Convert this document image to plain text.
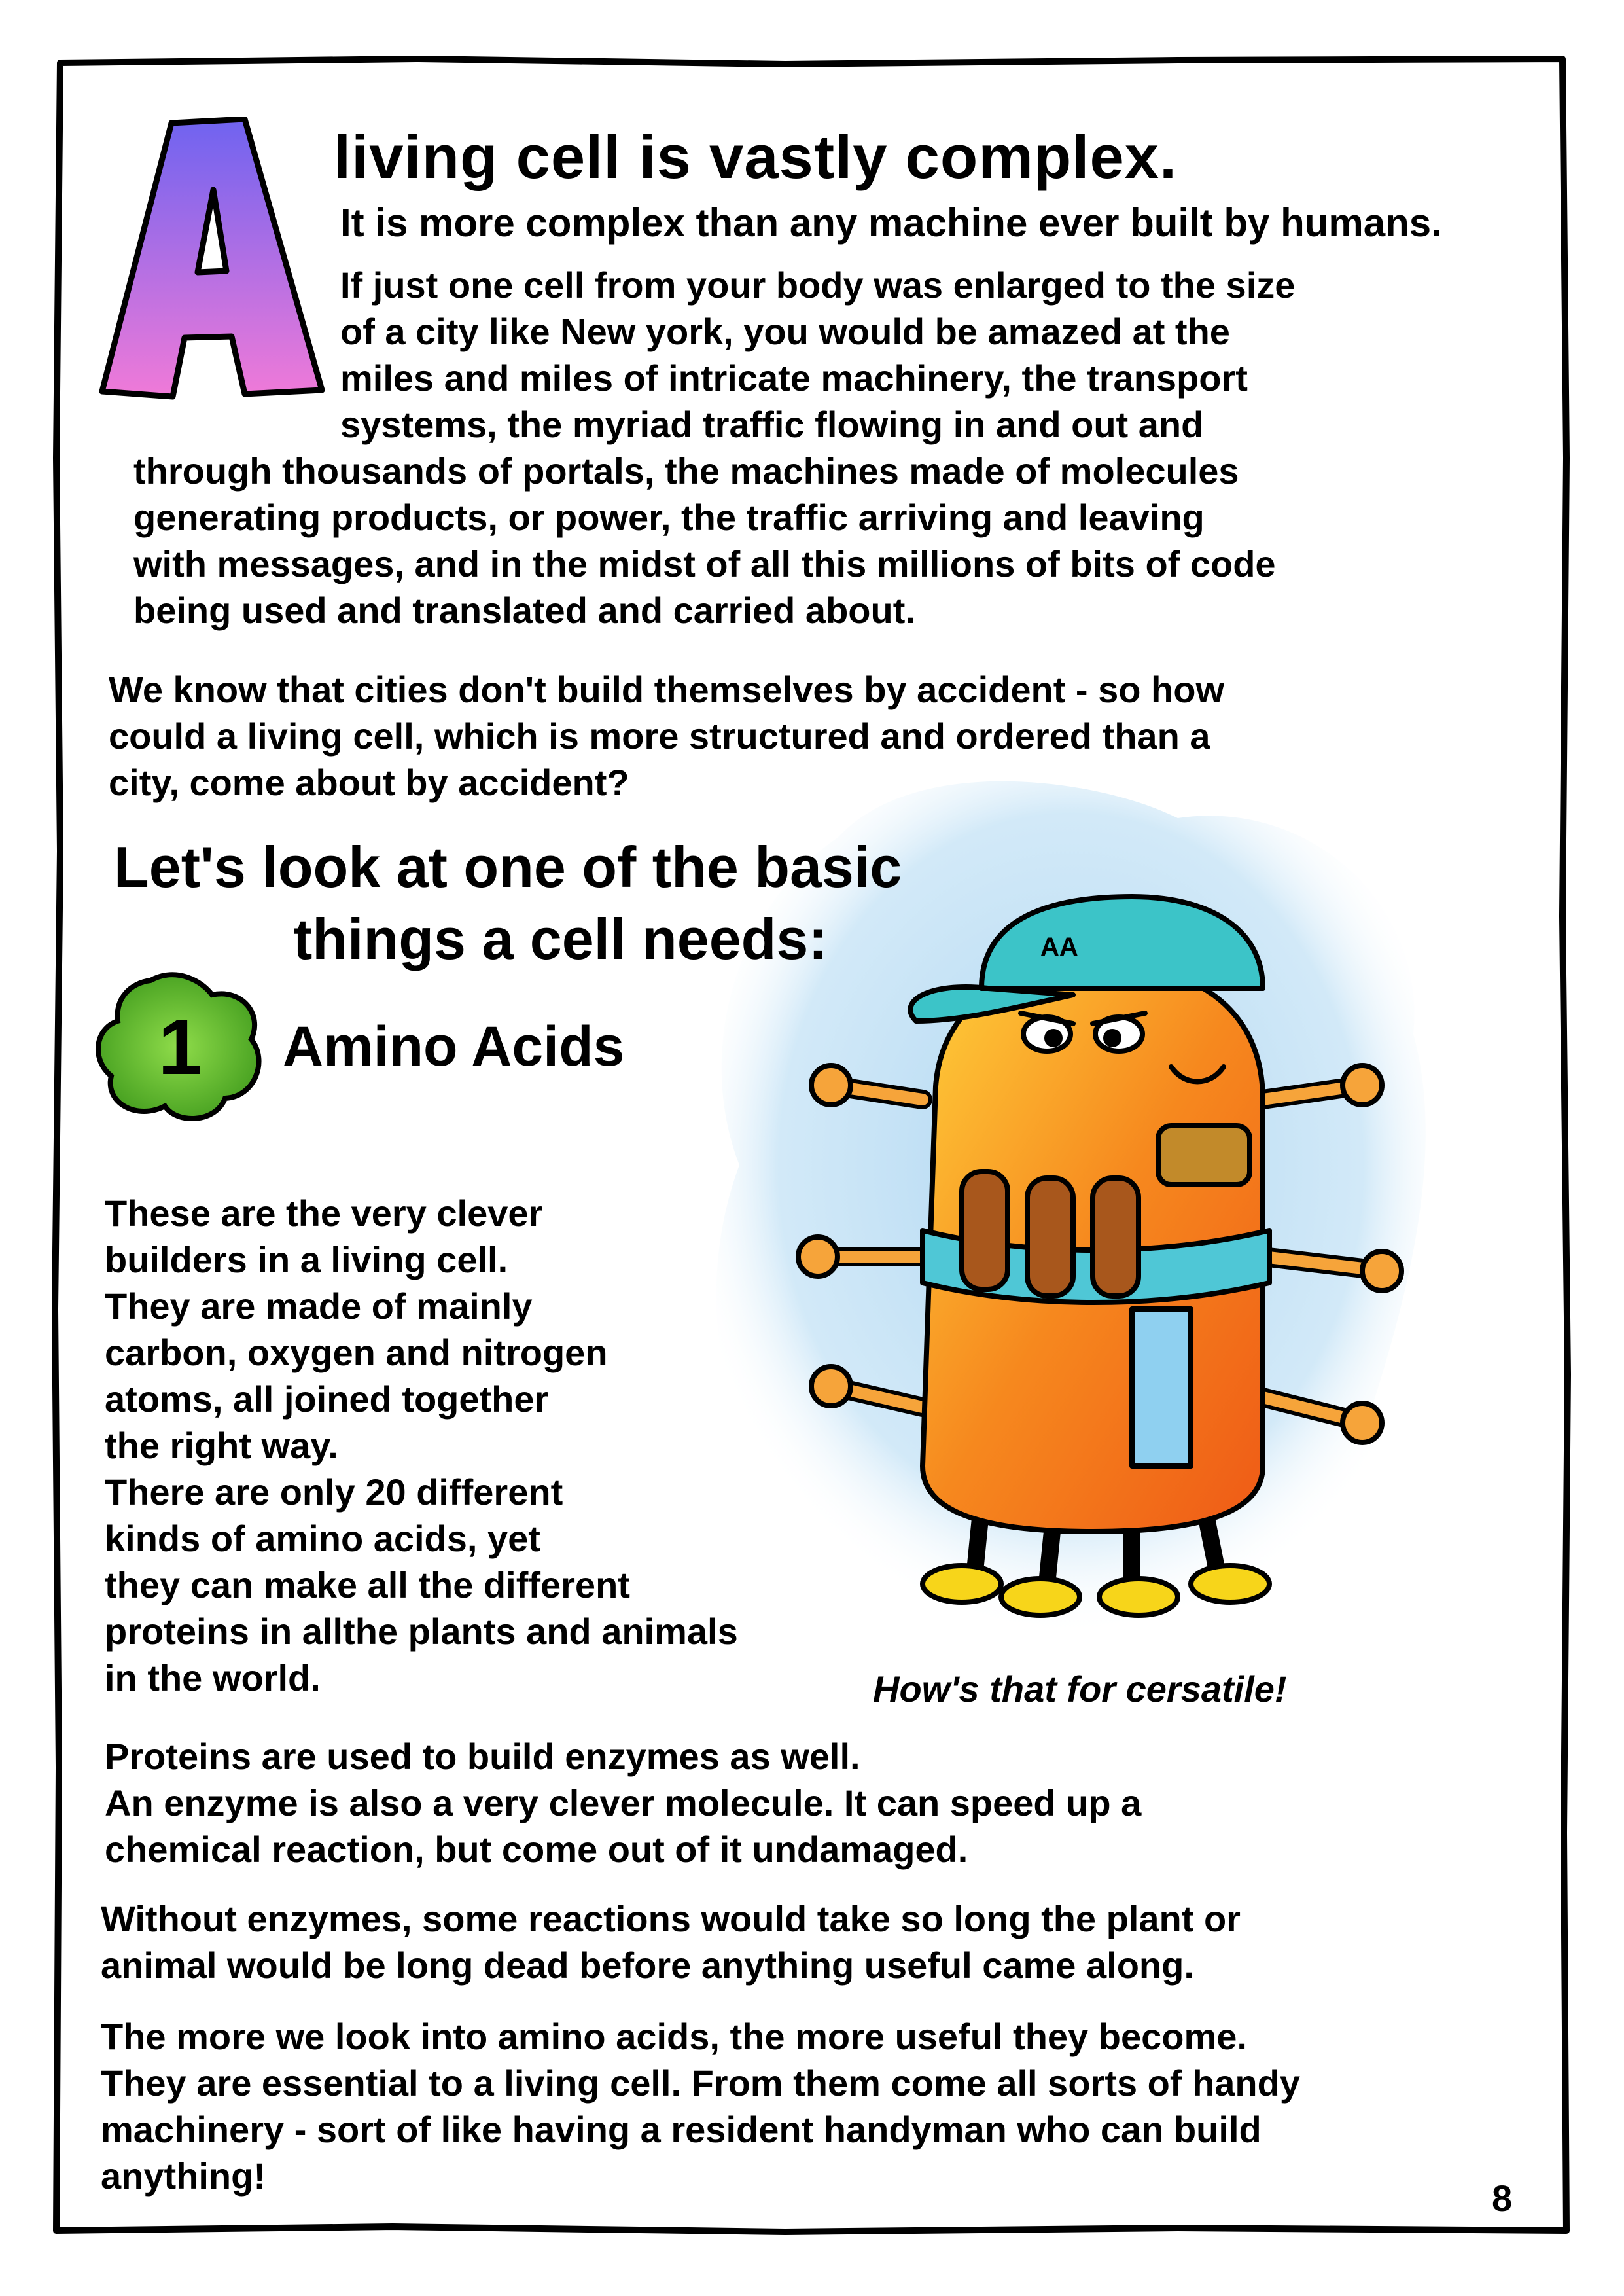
living cell is vastly complex.

It is more complex than any machine ever built by humans.

If just one cell from your body was enlarged to the size
of a city like New york, you would be amazed at the
miles and miles of intricate machinery, the transport
systems, the myriad traffic flowing in and out and
through thousands of portals, the machines made of molecules
generating products, or power, the traffic arriving and leaving
with messages, and in the midst of all this millions of bits of code
being used and translated and carried about.
We know that cities don't build themselves by accident - so how
could a living cell, which is more structured and ordered than a
city, come about by accident?
Let's look at one of the basic
things a cell needs:
1	Amino Acids
These are the very clever
builders in a living cell.
They are made of mainly
carbon, oxygen and nitrogen
atoms, all joined together
the right way.
There are only 20 different
kinds of amino acids, yet
they can make all the different
proteins in allthe plants and animals
in the world.
AA

How's that for cersatile!

Proteins are used to build enzymes as well.
An enzyme is also a very clever molecule. It can speed up a
chemical reaction, but come out of it undamaged.
Without enzymes, some reactions would take so long the plant or
animal would be long dead before anything useful came along.
The more we look into amino acids, the more useful they become.
They are essential to a living cell. From them come all sorts of handy
machinery - sort of like having a resident handyman who can build
anything!

8
